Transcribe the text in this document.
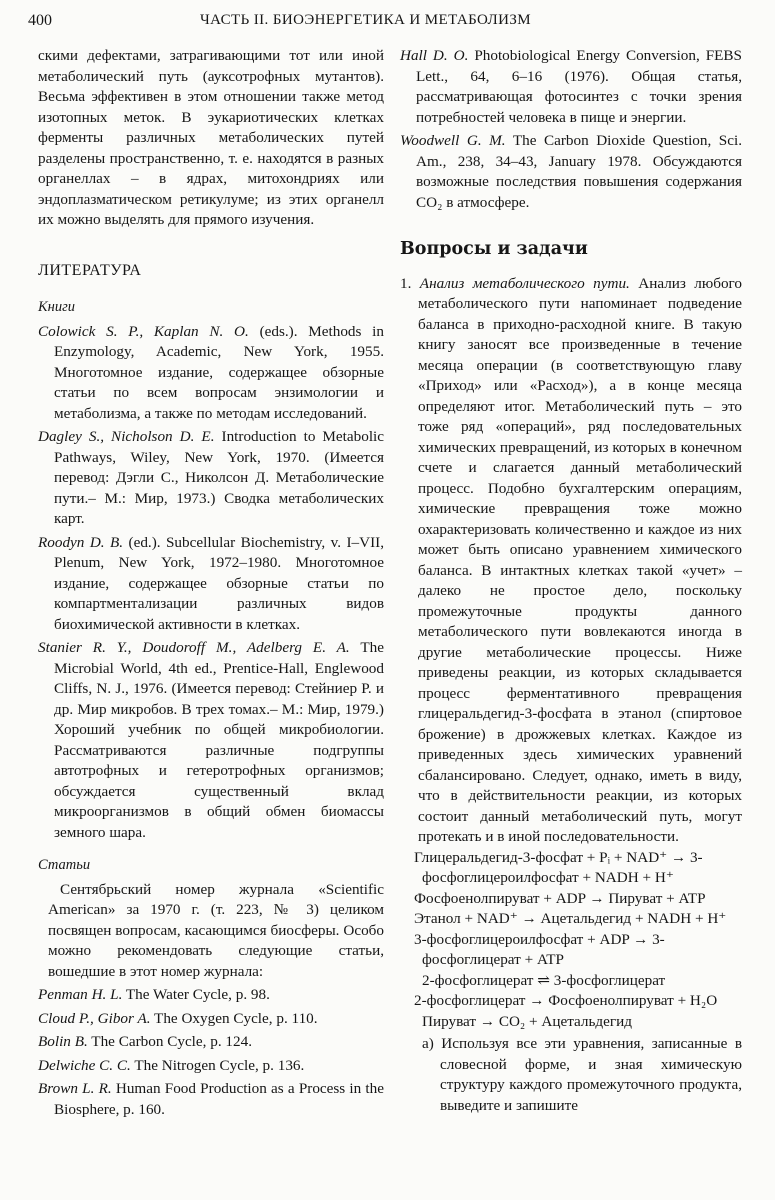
400	ЧАСТЬ II. БИОЭНЕРГЕТИКА И МЕТАБОЛИЗМ

скими дефектами, затрагивающими тот или иной метаболический путь (ауксотрофных мутантов). Весьма эффективен в этом отношении также метод изотопных меток. В эукариотических клетках ферменты различных метаболических путей разделены пространственно, т. е. находятся в разных органеллах – в ядрах, митохондриях или эндоплазматическом ретикулуме; из этих органелл их можно выделять для прямого изучения.

ЛИТЕРАТУРА
Книги

Colowick S. P., Kaplan N. O. (eds.). Methods in Enzymology, Academic, New York, 1955. Многотомное издание, содержащее обзорные статьи по всем вопросам энзимологии и метаболизма, а также по методам исследований.

Dagley S., Nicholson D. E. Introduction to Metabolic Pathways, Wiley, New York, 1970. (Имеется перевод: Дэгли С., Николсон Д. Метаболические пути.– М.: Мир, 1973.) Сводка метаболических карт.

Roodyn D. B. (ed.). Subcellular Biochemistry, v. I–VII, Plenum, New York, 1972–1980. Многотомное издание, содержащее обзорные статьи по компартментализации различных видов биохимической активности в клетках.

Stanier R. Y., Doudoroff M., Adelberg E. A. The Microbial World, 4th ed., Prentice-Hall, Englewood Cliffs, N. J., 1976. (Имеется перевод: Стейниер Р. и др. Мир микробов. В трех томах.– М.: Мир, 1979.) Хороший учебник по общей микробиологии. Рассматриваются различные подгруппы автотрофных и гетеротрофных организмов; обсуждается существенный вклад микроорганизмов в общий обмен биомассы земного шара.

Статьи

Сентябрьский номер журнала «Scientific American» за 1970 г. (т. 223, № 3) целиком посвящен вопросам, касающимся биосферы. Особо можно рекомендовать следующие статьи, вошедшие в этот номер журнала:

Penman H. L. The Water Cycle, p. 98.

Cloud P., Gibor A. The Oxygen Cycle, p. 110.

Bolin B. The Carbon Cycle, p. 124.

Delwiche C. C. The Nitrogen Cycle, p. 136.

Brown L. R. Human Food Production as a Process in the Biosphere, p. 160.

Hall D. O. Photobiological Energy Conversion, FEBS Lett., 64, 6–16 (1976). Общая статья, рассматривающая фотосинтез с точки зрения потребностей человека в пище и энергии.

Woodwell G. M. The Carbon Dioxide Question, Sci. Am., 238, 34–43, January 1978. Обсуждаются возможные последствия повышения содержания CO₂ в атмосфере.

Вопросы и задачи

1. Анализ метаболического пути. Анализ любого метаболического пути напоминает подведение баланса в приходно-расходной книге. В такую книгу заносят все произведенные в течение месяца операции (в соответствующую главу «Приход» или «Расход»), а в конце месяца определяют итог. Метаболический путь – это тоже ряд «операций», ряд последовательных химических превращений, из которых в конечном счете и слагается данный метаболический процесс. Подобно бухгалтерским операциям, химические превращения тоже можно охарактеризовать количественно и каждое из них может быть описано уравнением химического баланса. В интактных клетках такой «учет» – далеко не простое дело, поскольку промежуточные продукты данного метаболического пути вовлекаются иногда в другие метаболические процессы. Ниже приведены реакции, из которых складывается процесс ферментативного превращения глицеральдегид-3-фосфата в этанол (спиртовое брожение) в дрожжевых клетках. Каждое из приведенных здесь химических уравнений сбалансировано. Следует, однако, иметь в виду, что в действительности реакции, из которых состоит данный метаболический путь, могут протекать и в иной последовательности.

Глицеральдегид-3-фосфат + Pᵢ + NAD⁺ → 3-фосфоглицероилфосфат + NADH + H⁺

Фосфоенолпируват + ADP → Пируват + ATP

Этанол + NAD⁺ → Ацетальдегид + NADH + H⁺

3-фосфоглицероилфосфат + ADP → 3-фосфоглицерат + ATP

2-фосфоглицерат ⇌ 3-фосфоглицерат

2-фосфоглицерат → Фосфоенолпируват + H₂O

Пируват → CO₂ + Ацетальдегид

а) Используя все эти уравнения, записанные в словесной форме, и зная химическую структуру каждого промежуточного продукта, выведите и запишите
